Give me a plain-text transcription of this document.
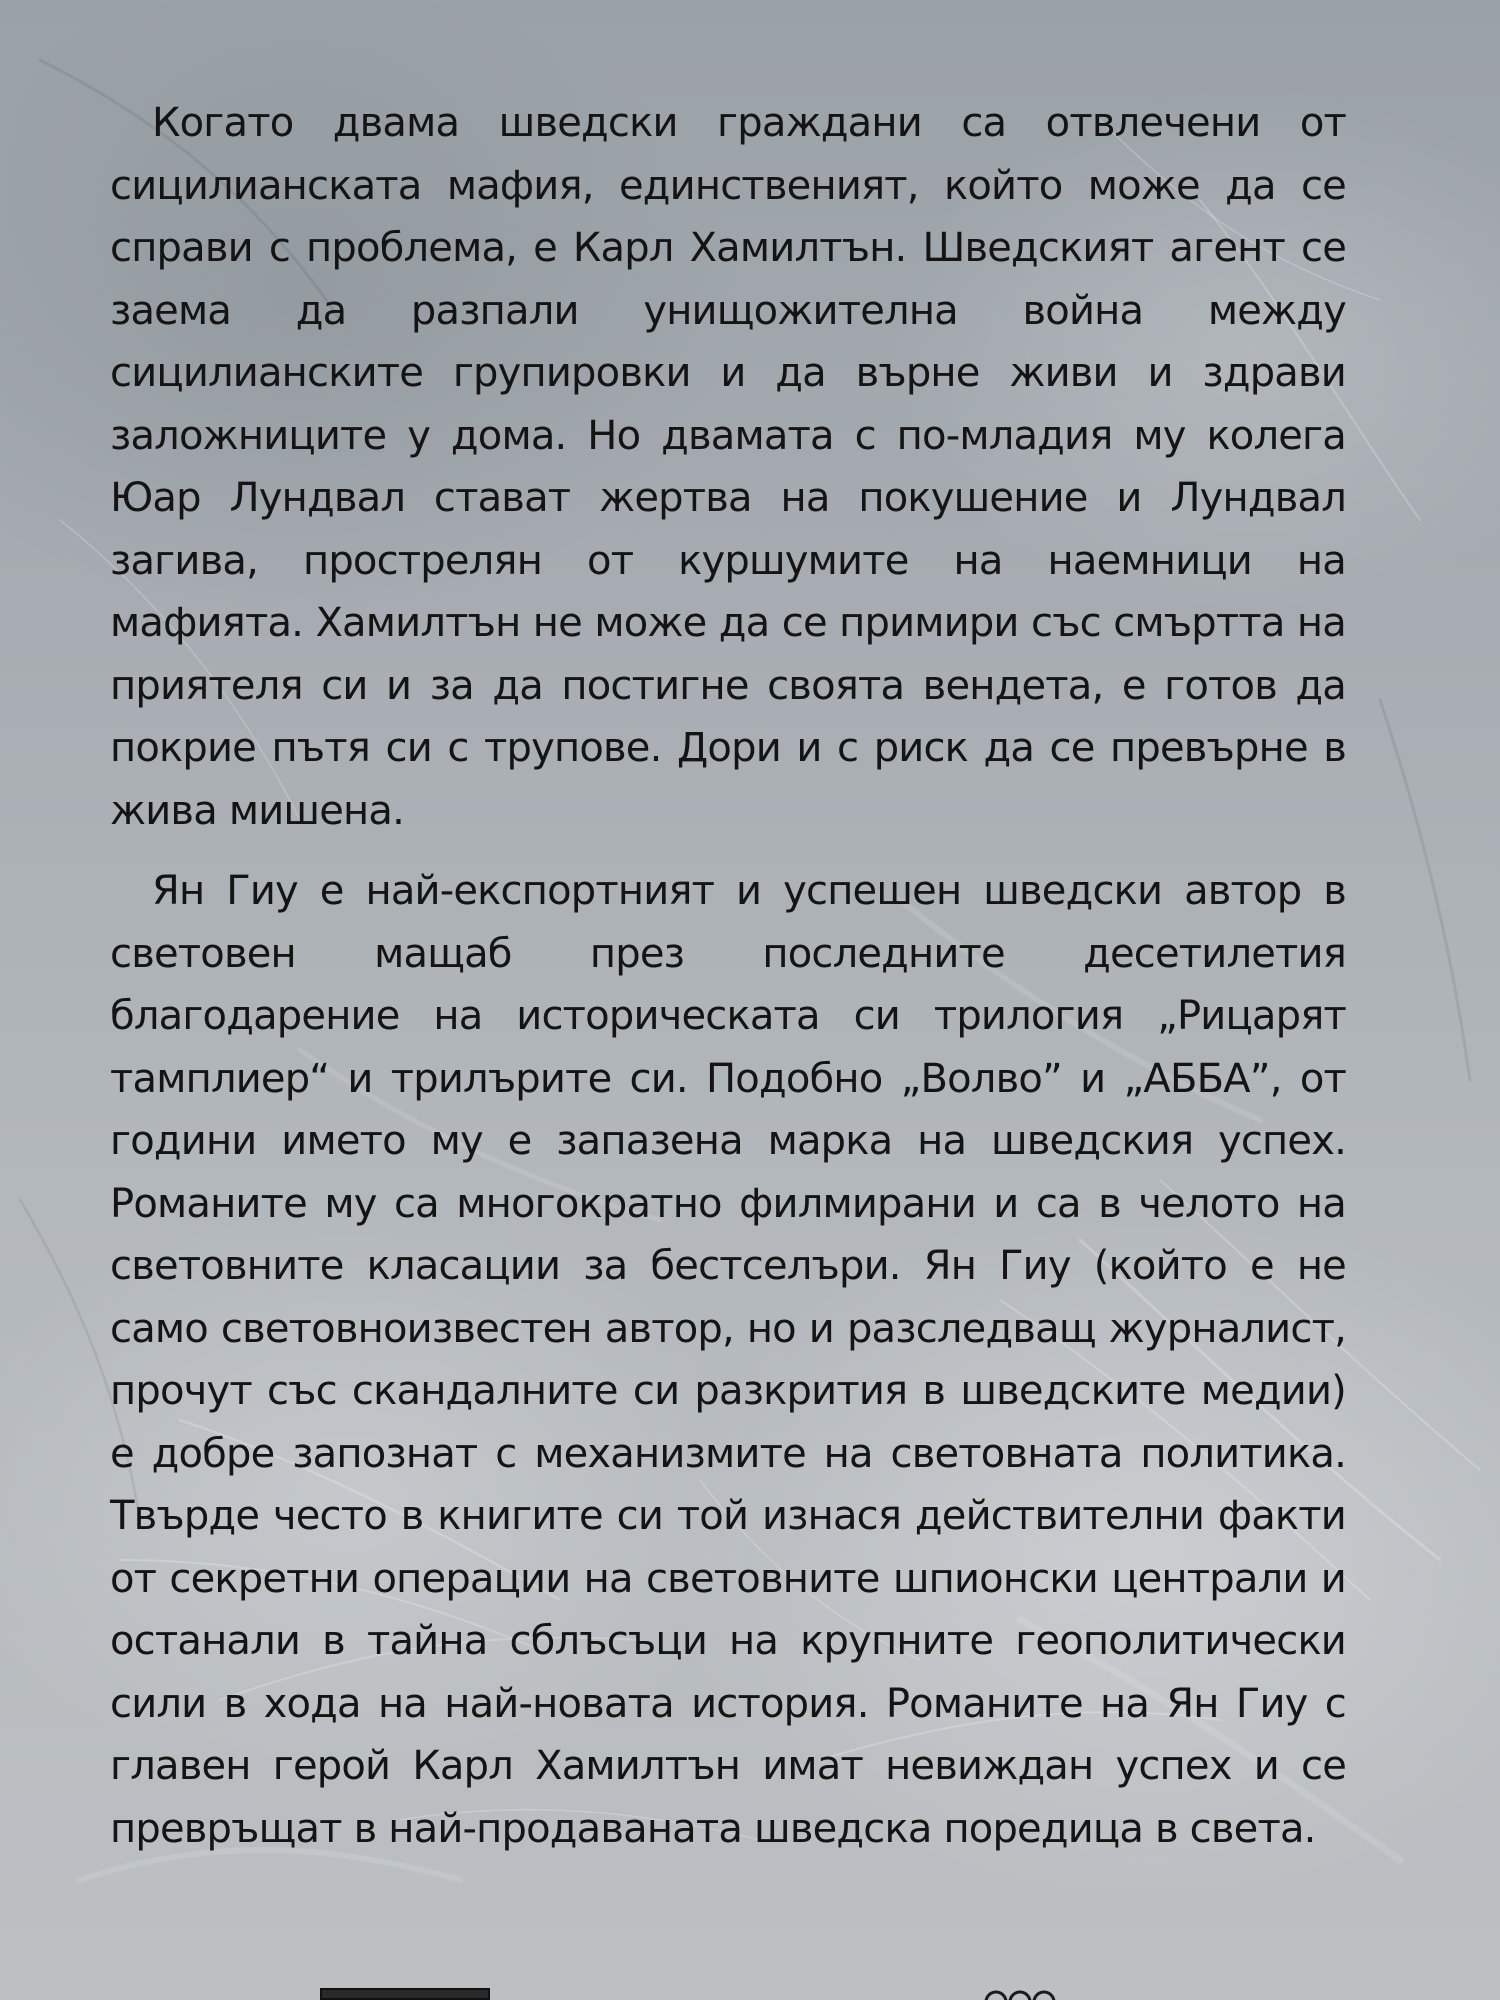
Когато двама шведски граждани са отвлечени от сицилианската мафия, единственият, който може да се справи с проблема, е Карл Хамилтън. Шведският агент се заема да разпали унищожителна война между сицилианските групировки и да върне живи и здрави заложниците у дома. Но двамата с по-младия му колега Юар Лундвал стават жертва на покушение и Лундвал загива, прострелян от куршумите на наемници на мафията. Хамилтън не може да се примири със смъртта на приятеля си и за да постигне своята вендета, е готов да покрие пътя си с трупове. Дори и с риск да се превърне в жива мишена.

Ян Гиу е най-експортният и успешен шведски автор в световен мащаб през последните десетилетия благодарение на историческата си трилогия „Рицарят тамплиер“ и трилърите си. Подобно „Волво” и „АББА”, от години името му е запазена марка на шведския успех. Романите му са многократно филмирани и са в челото на световните класации за бестселъри. Ян Гиу (който е не само световноизвестен автор, но и разследващ журналист, прочут със скандалните си разкрития в шведските медии) е добре запознат с механизмите на световната политика. Твърде често в книгите си той изнася действителни факти от секретни операции на световните шпионски централи и останали в тайна сблъсъци на крупните геополитически сили в хода на най-новата история. Романите на Ян Гиу с главен герой Карл Хамилтън имат невиждан успех и се превръщат в най-продаваната шведска поредица в света.
